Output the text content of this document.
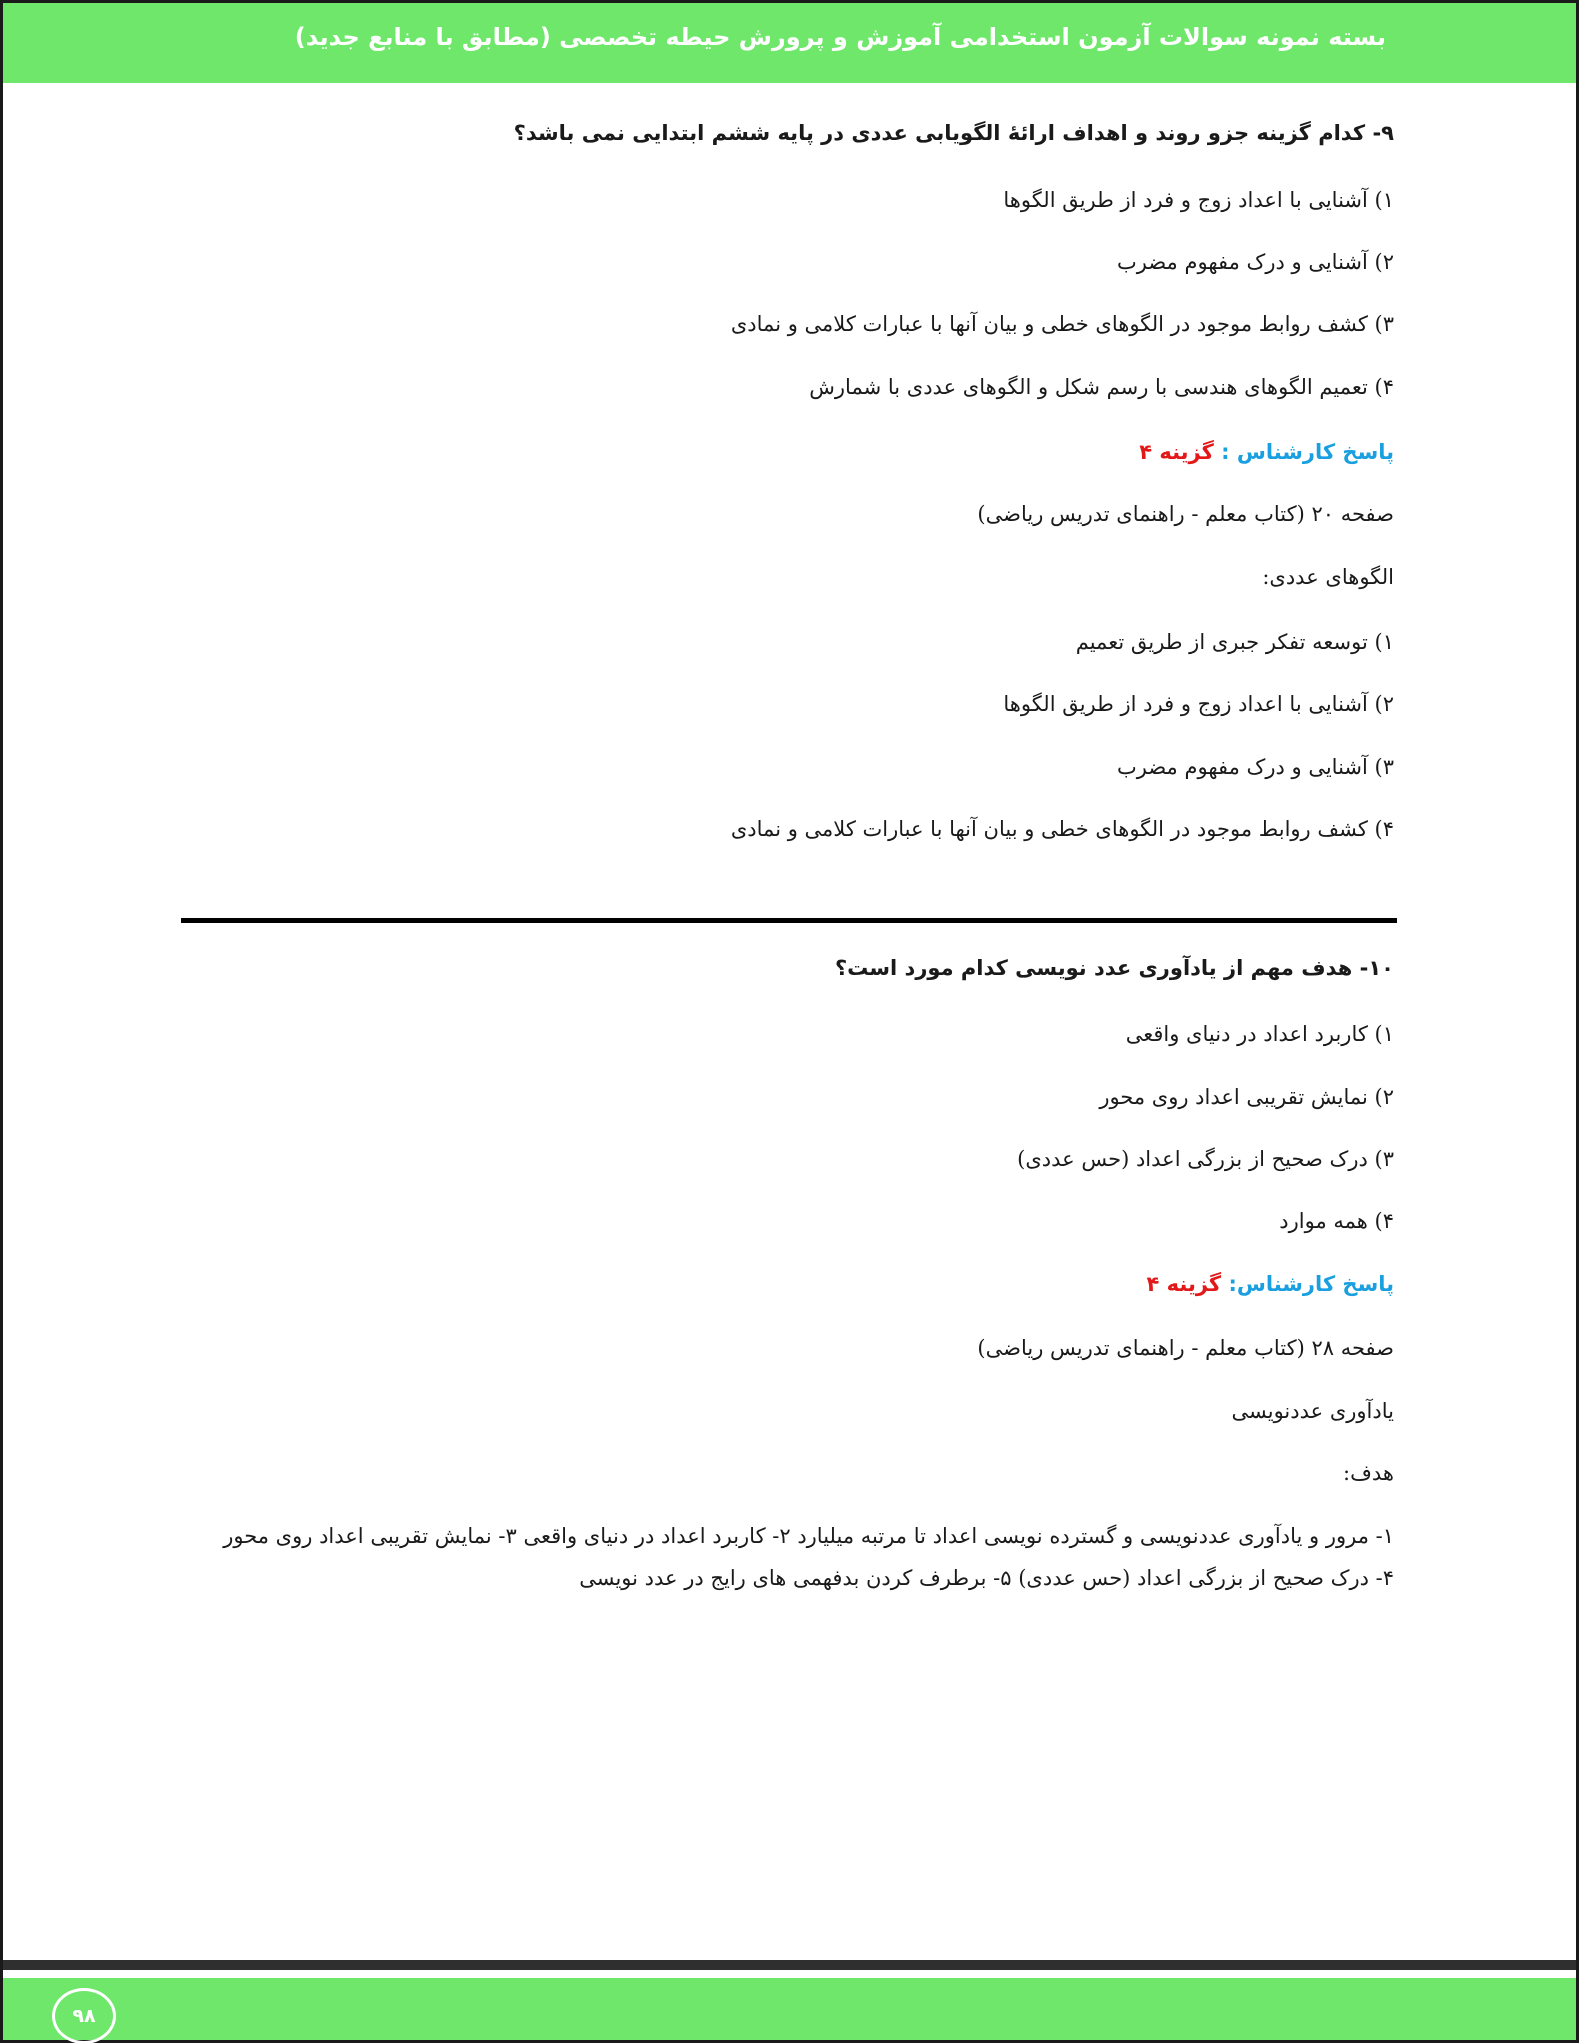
بسته نمونه سوالات آزمون استخدامی آموزش و پرورش حیطه تخصصی (مطابق با منابع جدید)

۹- کدام گزینه جزو روند و اهداف ارائۀ الگویابی عددی در پایه ششم ابتدایی نمی باشد؟

۱) آشنایی با اعداد زوج و فرد از طریق الگوها

۲) آشنایی و درک مفهوم مضرب

۳) کشف روابط موجود در الگوهای خطی و بیان آنها با عبارات کلامی و نمادی

۴) تعمیم الگوهای هندسی با رسم شکل و الگوهای عددی با شمارش

پاسخ کارشناس : گزینه ۴

صفحه ۲۰ (کتاب معلم - راهنمای تدریس ریاضی)

الگوهای عددی:

۱) توسعه تفکر جبری از طریق تعمیم

۲) آشنایی با اعداد زوج و فرد از طریق الگوها

۳) آشنایی و درک مفهوم مضرب

۴) کشف روابط موجود در الگوهای خطی و بیان آنها با عبارات کلامی و نمادی

۱۰- هدف مهم از یادآوری عدد نویسی کدام مورد است؟

۱) کاربرد اعداد در دنیای واقعی

۲) نمایش تقریبی اعداد روی محور

۳) درک صحیح از بزرگی اعداد (حس عددی)

۴) همه موارد

پاسخ کارشناس: گزینه ۴

صفحه ۲۸ (کتاب معلم - راهنمای تدریس ریاضی)

یادآوری عددنویسی

هدف:

۱- مرور و یادآوری عددنویسی و گسترده نویسی اعداد تا مرتبه میلیارد ۲- کاربرد اعداد در دنیای واقعی ۳- نمایش تقریبی اعداد روی محور

۴- درک صحیح از بزرگی اعداد (حس عددی) ۵- برطرف کردن بدفهمی های رایج در عدد نویسی

۹۸
